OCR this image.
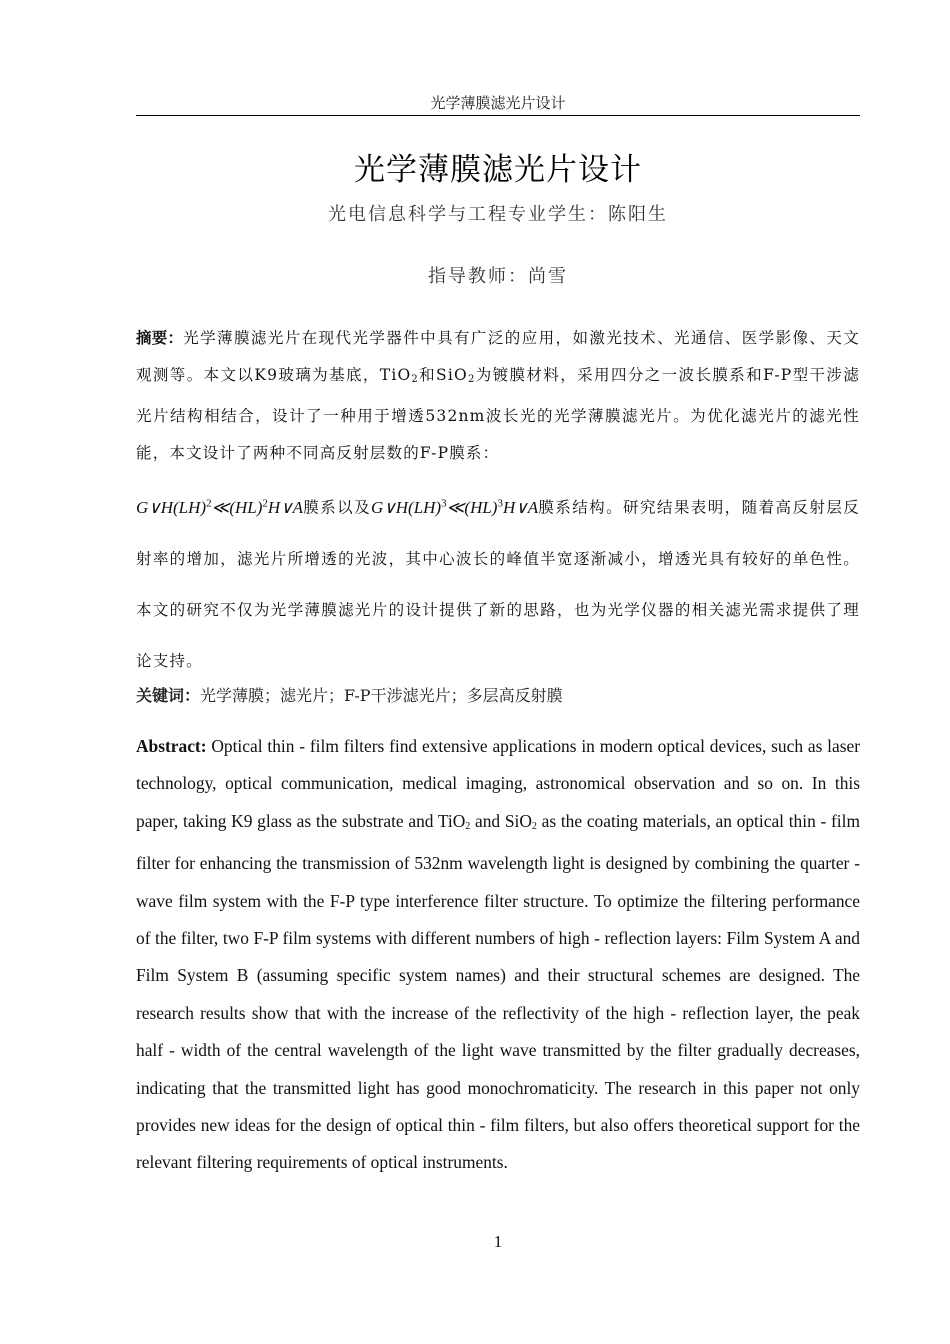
光学薄膜滤光片设计
光学薄膜滤光片设计
光电信息科学与工程专业学生：陈阳生
指导教师：尚雪

摘要：光学薄膜滤光片在现代光学器件中具有广泛的应用，如激光技术、光通信、医学影像、天文观测等。本文以K9玻璃为基底，TiO$_2$和SiO$_2$为镀膜材料，采用四分之一波长膜系和F-P型干涉滤光片结构相结合，设计了一种用于增透532nm波长光的光学薄膜滤光片。为优化滤光片的滤光性能，本文设计了两种不同高反射层数的F-P膜系：

G∨H(LH)$^2$≪(HL)$^2$H∨A膜系以及G∨H(LH)$^3$≪(HL)$^3$H∨A膜系结构。研究结果表明，随着高反射层反射率的增加，滤光片所增透的光波，其中心波长的峰值半宽逐渐减小，增透光具有较好的单色性。本文的研究不仅为光学薄膜滤光片的设计提供了新的思路，也为光学仪器的相关滤光需求提供了理论支持。

关键词：光学薄膜；滤光片；F-P干涉滤光片；多层高反射膜

Abstract: Optical thin - film filters find extensive applications in modern optical devices, such as laser technology, optical communication, medical imaging, astronomical observation and so on. In this paper, taking K9 glass as the substrate and TiO$_2$ and SiO$_2$ as the coating materials, an optical thin - film filter for enhancing the transmission of 532nm wavelength light is designed by combining the quarter - wave film system with the F-P type interference filter structure. To optimize the filtering performance of the filter, two F-P film systems with different numbers of high - reflection layers: Film System A and Film System B (assuming specific system names) and their structural schemes are designed. The research results show that with the increase of the reflectivity of the high - reflection layer, the peak half - width of the central wavelength of the light wave transmitted by the filter gradually decreases, indicating that the transmitted light has good monochromaticity. The research in this paper not only provides new ideas for the design of optical thin - film filters, but also offers theoretical support for the relevant filtering requirements of optical instruments.

1
